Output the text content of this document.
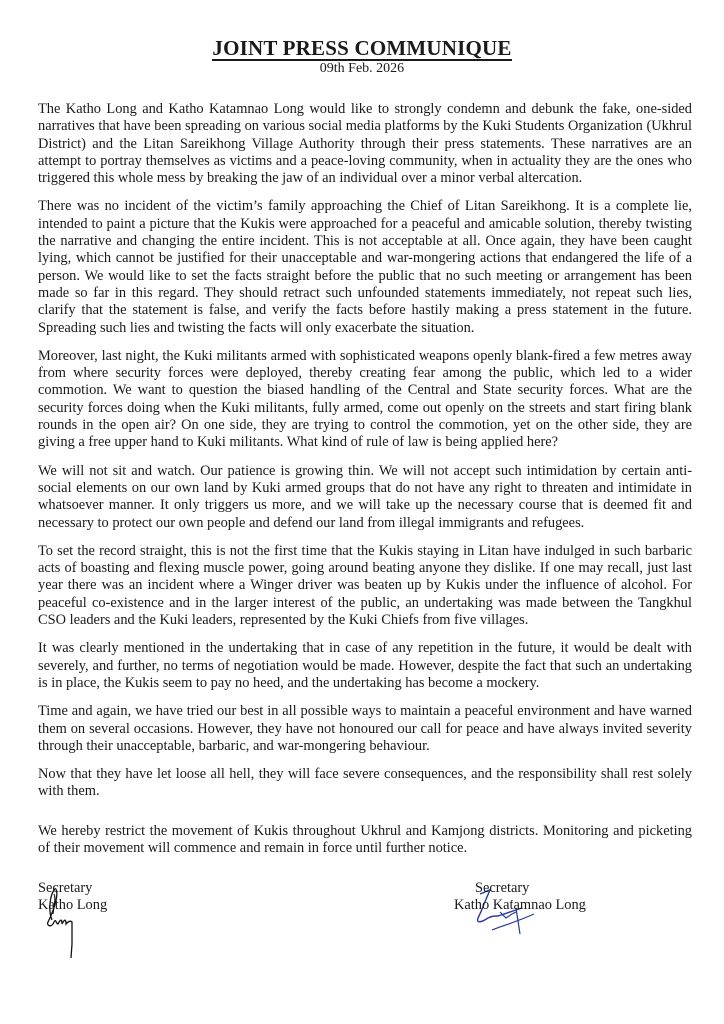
JOINT PRESS COMMUNIQUE
09th Feb. 2026

The Katho Long and Katho Katamnao Long would like to strongly condemn and debunk the fake, one-sided narratives that have been spreading on various social media platforms by the Kuki Students Organization (Ukhrul District) and the Litan Sareikhong Village Authority through their press statements. These narratives are an attempt to portray themselves as victims and a peace-loving community, when in actuality they are the ones who triggered this whole mess by breaking the jaw of an individual over a minor verbal altercation.

There was no incident of the victim’s family approaching the Chief of Litan Sareikhong. It is a complete lie, intended to paint a picture that the Kukis were approached for a peaceful and amicable solution, thereby twisting the narrative and changing the entire incident. This is not acceptable at all. Once again, they have been caught lying, which cannot be justified for their unacceptable and war-mongering actions that endangered the life of a person. We would like to set the facts straight before the public that no such meeting or arrangement has been made so far in this regard. They should retract such unfounded statements immediately, not repeat such lies, clarify that the statement is false, and verify the facts before hastily making a press statement in the future. Spreading such lies and twisting the facts will only exacerbate the situation.

Moreover, last night, the Kuki militants armed with sophisticated weapons openly blank-fired a few metres away from where security forces were deployed, thereby creating fear among the public, which led to a wider commotion. We want to question the biased handling of the Central and State security forces. What are the security forces doing when the Kuki militants, fully armed, come out openly on the streets and start firing blank rounds in the open air? On one side, they are trying to control the commotion, yet on the other side, they are giving a free upper hand to Kuki militants. What kind of rule of law is being applied here?

We will not sit and watch. Our patience is growing thin. We will not accept such intimidation by certain anti-social elements on our own land by Kuki armed groups that do not have any right to threaten and intimidate in whatsoever manner. It only triggers us more, and we will take up the necessary course that is deemed fit and necessary to protect our own people and defend our land from illegal immigrants and refugees.

To set the record straight, this is not the first time that the Kukis staying in Litan have indulged in such barbaric acts of boasting and flexing muscle power, going around beating anyone they dislike. If one may recall, just last year there was an incident where a Winger driver was beaten up by Kukis under the influence of alcohol. For peaceful co-existence and in the larger interest of the public, an undertaking was made between the Tangkhul CSO leaders and the Kuki leaders, represented by the Kuki Chiefs from five villages.

It was clearly mentioned in the undertaking that in case of any repetition in the future, it would be dealt with severely, and further, no terms of negotiation would be made. However, despite the fact that such an undertaking is in place, the Kukis seem to pay no heed, and the undertaking has become a mockery.

Time and again, we have tried our best in all possible ways to maintain a peaceful environment and have warned them on several occasions. However, they have not honoured our call for peace and have always invited severity through their unacceptable, barbaric, and war-mongering behaviour.

Now that they have let loose all hell, they will face severe consequences, and the responsibility shall rest solely with them.

We hereby restrict the movement of Kukis throughout Ukhrul and Kamjong districts. Monitoring and picketing of their movement will commence and remain in force until further notice.

Secretary
Katho Long
Secretary
Katho Katamnao Long
